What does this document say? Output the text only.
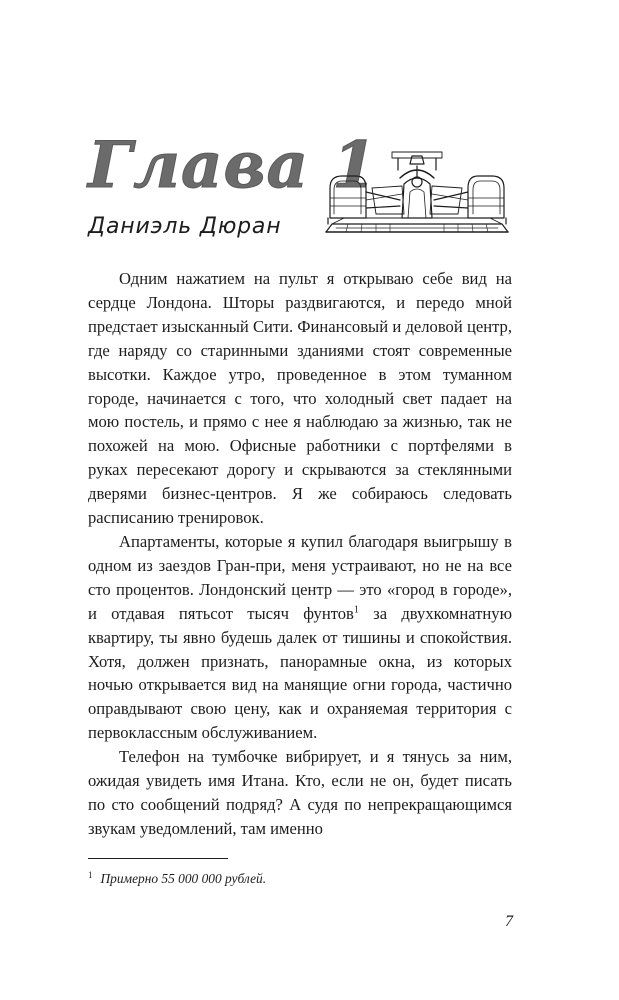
Глава 1
Даниэль Дюран

Одним нажатием на пульт я открываю себе вид на сердце Лондона. Шторы раздвигаются, и передо мной предстает изысканный Сити. Финансовый и деловой центр, где наряду со старинными зданиями стоят современные высотки. Каждое утро, проведенное в этом туманном городе, начинается с того, что холодный свет падает на мою постель, и прямо с нее я наблюдаю за жизнью, так не похожей на мою. Офисные работники с портфелями в руках пересекают дорогу и скрываются за стеклянными дверями бизнес-центров. Я же собираюсь следовать расписанию тренировок.

Апартаменты, которые я купил благодаря выигрышу в одном из заездов Гран-при, меня устраивают, но не на все сто процентов. Лондонский центр — это «город в городе», и отдавая пятьсот тысяч фунтов$^1$ за двухкомнатную квартиру, ты явно будешь далек от тишины и спокойствия. Хотя, должен признать, панорамные окна, из которых ночью открывается вид на манящие огни города, частично оправдывают свою цену, как и охраняемая территория с первоклассным обслуживанием.

Телефон на тумбочке вибрирует, и я тянусь за ним, ожидая увидеть имя Итана. Кто, если не он, будет писать по сто сообщений подряд? А судя по непрекращающимся звукам уведомлений, там именно

$^1$ Примерно 55 000 000 рублей.

7
